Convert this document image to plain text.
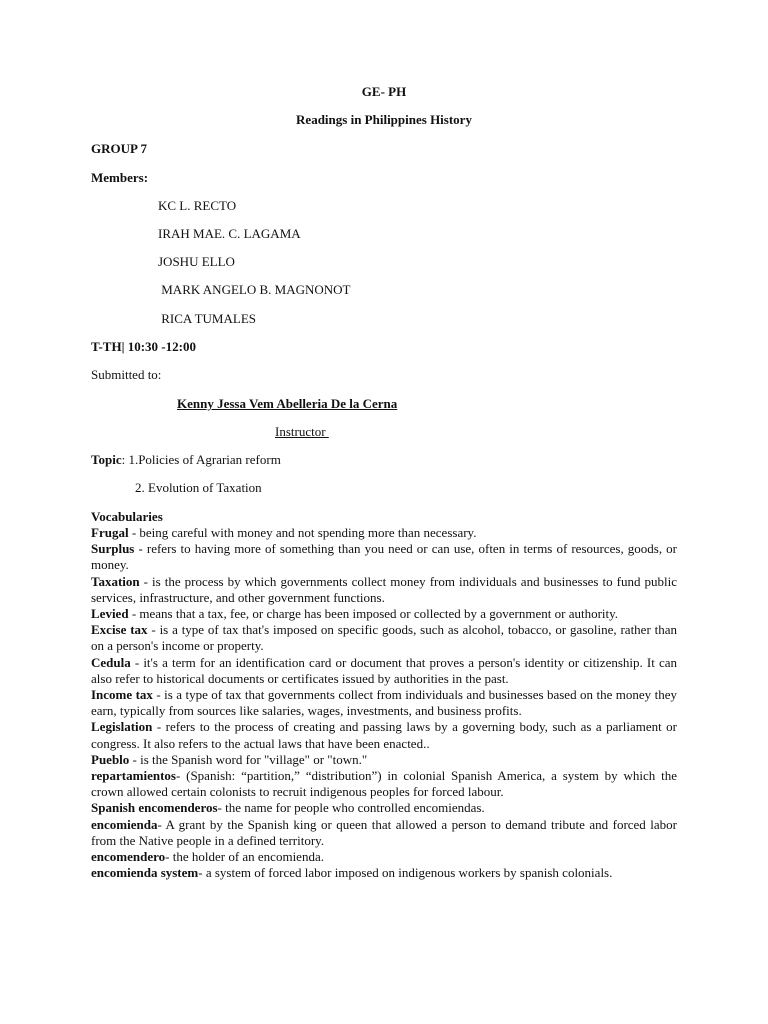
GE- PH
Readings in Philippines History
GROUP 7
Members:
KC L. RECTO
IRAH MAE. C. LAGAMA
JOSHU ELLO
MARK ANGELO B. MAGNONOT
RICA TUMALES
T-TH| 10:30 -12:00
Submitted to:
Kenny Jessa Vem Abelleria De la Cerna
Instructor
Topic: 1.Policies of Agrarian reform
2. Evolution of Taxation
Vocabularies

Frugal - being careful with money and not spending more than necessary.

Surplus - refers to having more of something than you need or can use, often in terms of resources, goods, or money.

Taxation - is the process by which governments collect money from individuals and businesses to fund public services, infrastructure, and other government functions.

Levied - means that a tax, fee, or charge has been imposed or collected by a government or authority.

Excise tax - is a type of tax that's imposed on specific goods, such as alcohol, tobacco, or gasoline, rather than on a person's income or property.

Cedula - it's a term for an identification card or document that proves a person's identity or citizenship. It can also refer to historical documents or certificates issued by authorities in the past.

Income tax - is a type of tax that governments collect from individuals and businesses based on the money they earn, typically from sources like salaries, wages, investments, and business profits.

Legislation - refers to the process of creating and passing laws by a governing body, such as a parliament or congress. It also refers to the actual laws that have been enacted..

Pueblo - is the Spanish word for "village" or "town."

repartamientos- (Spanish: “partition,” “distribution”) in colonial Spanish America, a system by which the crown allowed certain colonists to recruit indigenous peoples for forced labour.

Spanish encomenderos- the name for people who controlled encomiendas.

encomienda- A grant by the Spanish king or queen that allowed a person to demand tribute and forced labor from the Native people in a defined territory.

encomendero- the holder of an encomienda.

encomienda system- a system of forced labor imposed on indigenous workers by spanish colonials.
